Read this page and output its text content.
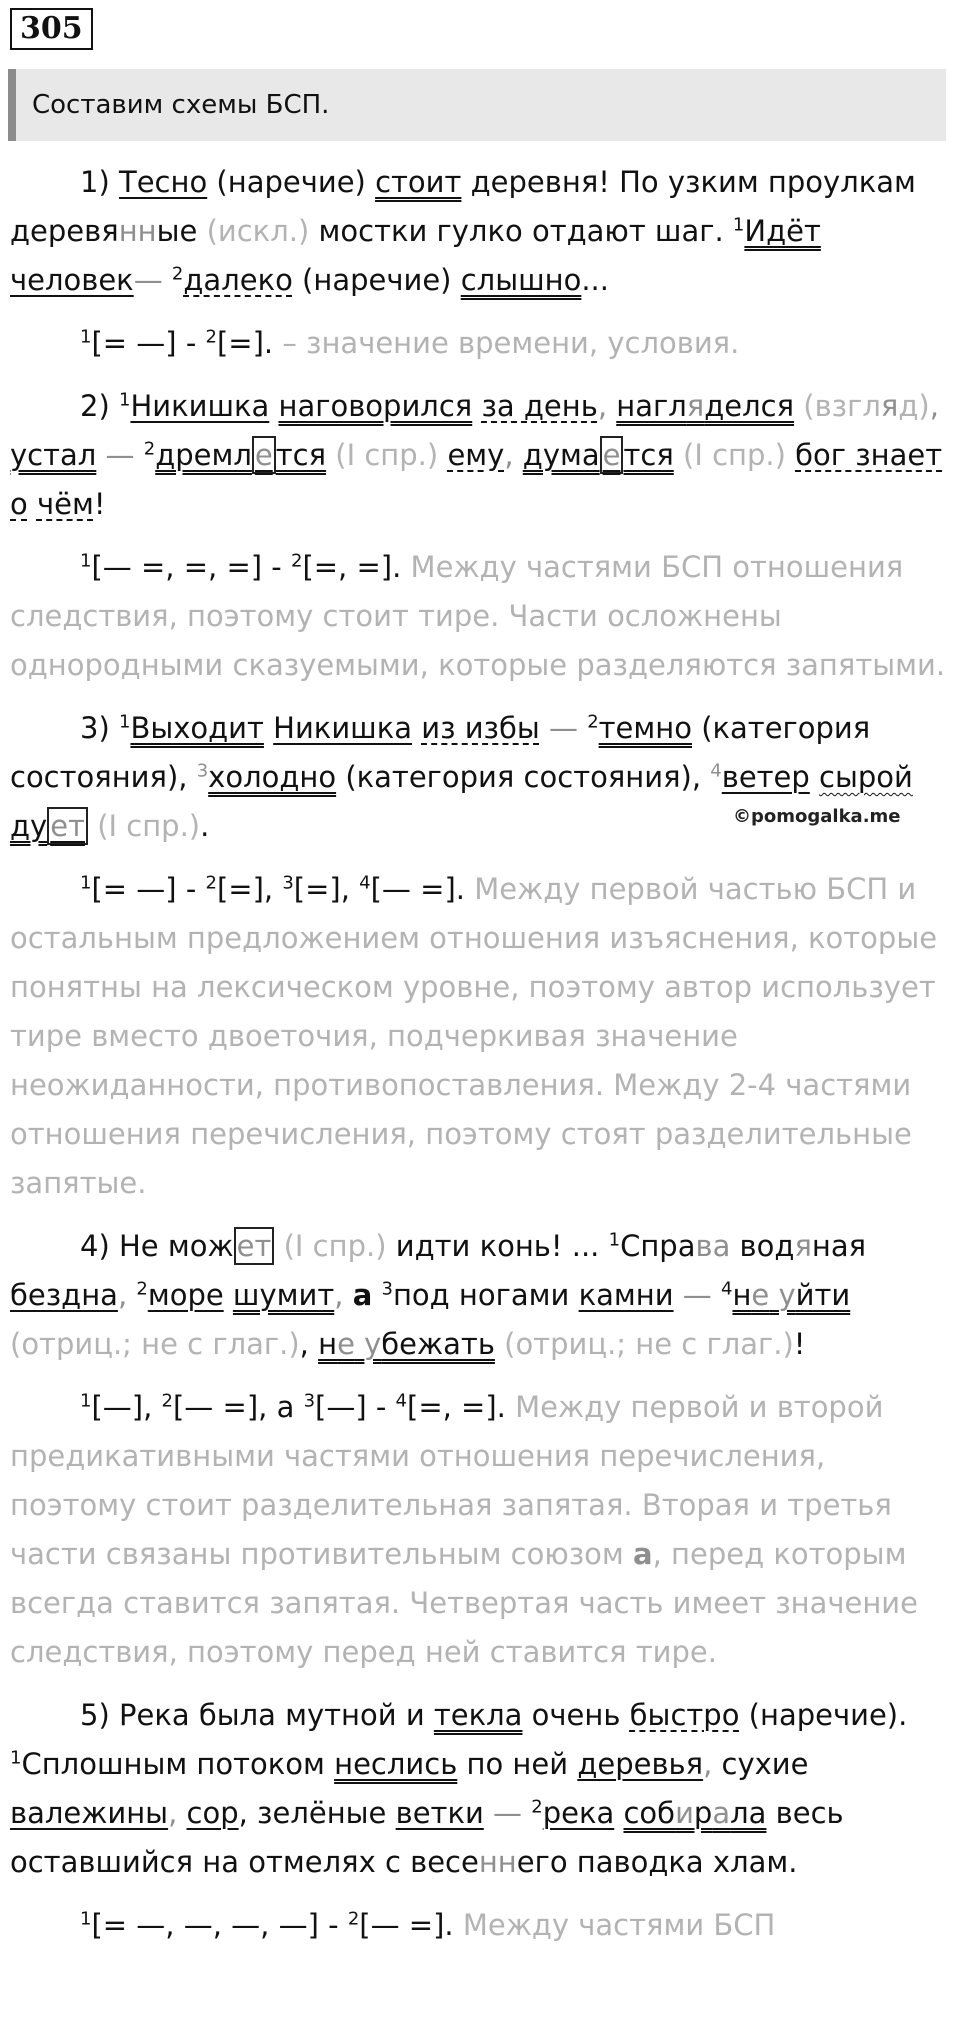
305
Составим схемы БСП.
©pomogalka.me

1) Тесно (наречие) стоит деревня! По узким проулкам деревянные (искл.) мостки гулко отдают шаг. $^1$Идёт человек— $^2$далеко (наречие) слышно...

$^1$[= —] - $^2$[=]. – значение времени, условия.

2) $^1$Никишка наговорился за день, нагляделся (взгляд), устал — $^2$дремл е тся (I спр.) ему, дума е тся (I спр.) бог знает о чём!

$^1$[— =, =, =] - $^2$[=, =]. Между частями БСП отношения следствия, поэтому стоит тире. Части осложнены однородными сказуемыми, которые разделяются запятыми.

3) $^1$Выходит Никишка из избы — $^2$темно (категория состояния), $^3$холодно (категория состояния), $^4$ветер сырой ду ет (I спр.).

$^1$[= —] - $^2$[=], $^3$[=], $^4$[— =]. Между первой частью БСП и остальным предложением отношения изъяснения, которые понятны на лексическом уровне, поэтому автор использует тире вместо двоеточия, подчеркивая значение неожиданности, противопоставления. Между 2-4 частями отношения перечисления, поэтому стоят разделительные запятые.

4) Не мож ет (I спр.) идти конь! ... $^1$Справа водяная бездна, $^2$море шумит, а $^3$под ногами камни — $^4$не уйти (отриц.; не с глаг.), не убежать (отриц.; не с глаг.)!

$^1$[—], $^2$[— =], а $^3$[—] - $^4$[=, =]. Между первой и второй предикативными частями отношения перечисления, поэтому стоит разделительная запятая. Вторая и третья части связаны противительным союзом а, перед которым всегда ставится запятая. Четвертая часть имеет значение следствия, поэтому перед ней ставится тире.

5) Река была мутной и текла очень быстро (наречие). $^1$Сплошным потоком неслись по ней деревья, сухие валежины, сор, зелёные ветки — $^2$река собирала весь оставшийся на отмелях с весеннего паводка хлам.

$^1$[= —, —, —, —] - $^2$[— =]. Между частями БСП
